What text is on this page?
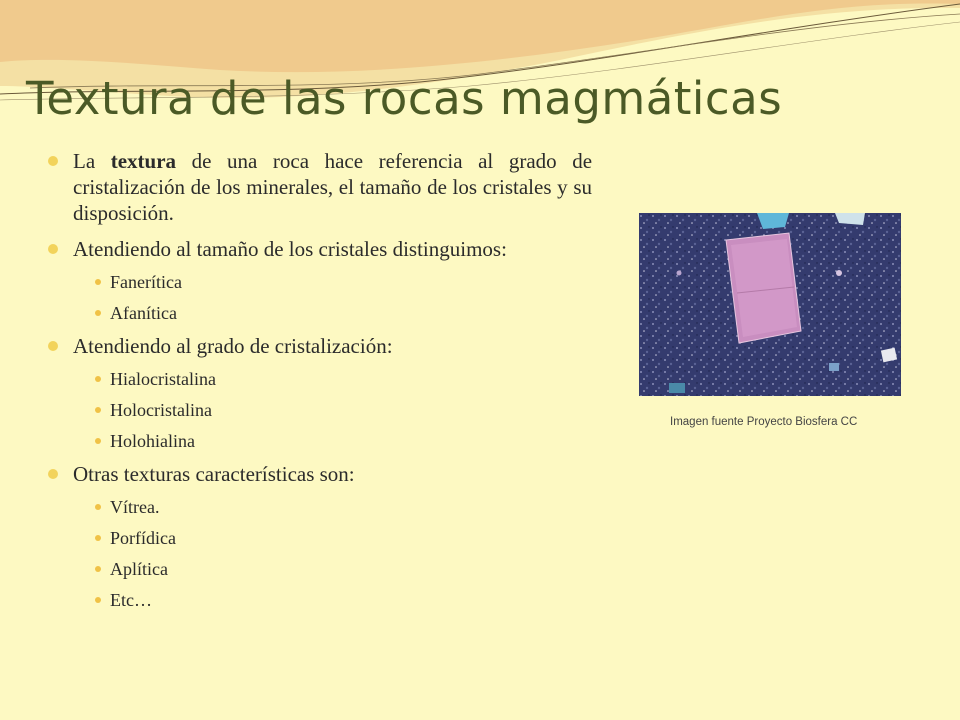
Textura de las rocas magmáticas
La textura de una roca hace referencia al grado de cristalización de los minerales, el tamaño de los cristales y su disposición.
Atendiendo al tamaño de los cristales distinguimos:
Fanerítica
Afanítica
Atendiendo al grado de cristalización:
Hialocristalina
Holocristalina
Holohialina
Otras texturas características son:
Vítrea.
Porfídica
Aplítica
Etc…
Imagen fuente Proyecto Biosfera CC
